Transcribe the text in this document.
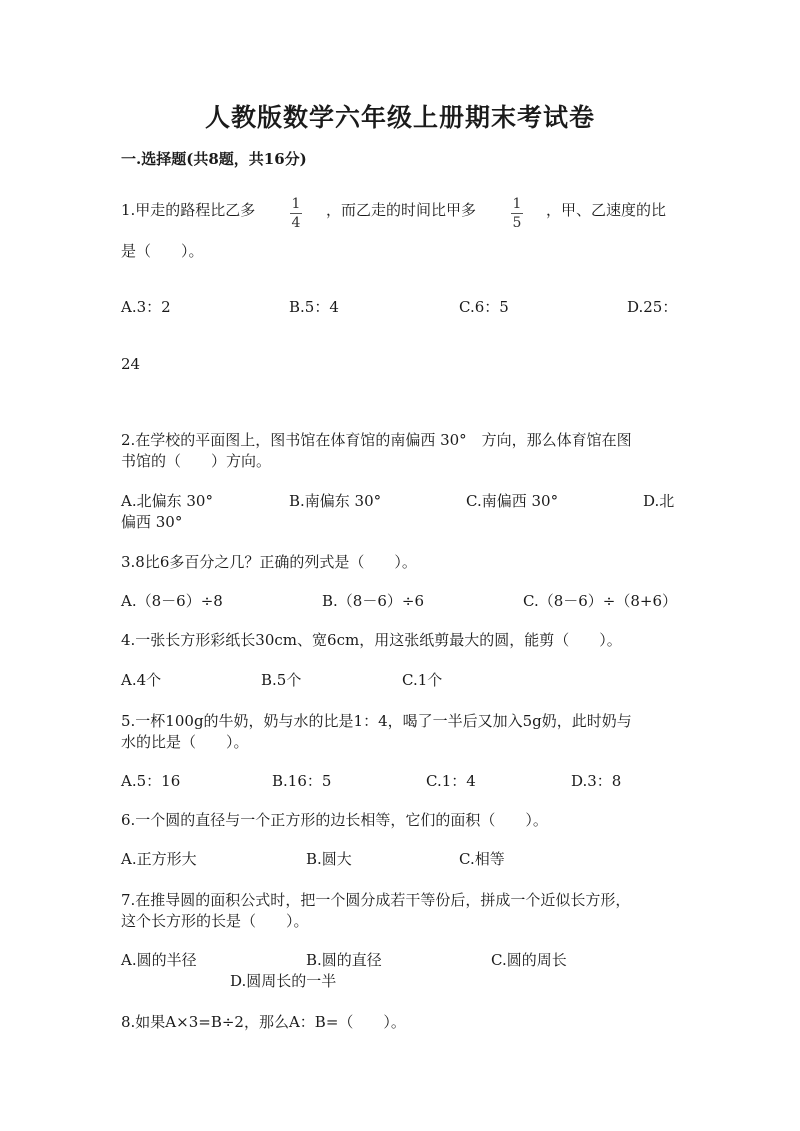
人教版数学六年级上册期末考试卷
一.选择题(共8题，共16分)
1.甲走的路程比乙多	1
4
，而乙走的时间比甲多	1
5
，甲、乙速度的比
是（　　）。
A.3：2	B.5：4	C.6：5	D.25：
24
2.在学校的平面图上，图书馆在体育馆的南偏西 30°　方向，那么体育馆在图
书馆的（　　）方向。
A.北偏东 30°	B.南偏东 30°	C.南偏西 30°	D.北
偏西 30°
3.8比6多百分之几？正确的列式是（　　）。
A.（8－6）÷8	B.（8－6）÷6	C.（8－6）÷（8+6）
4.一张长方形彩纸长30cm、宽6cm，用这张纸剪最大的圆，能剪（　　）。
A.4个	B.5个	C.1个
5.一杯100g的牛奶，奶与水的比是1：4，喝了一半后又加入5g奶，此时奶与
水的比是（　　）。
A.5：16	B.16：5	C.1：4	D.3：8
6.一个圆的直径与一个正方形的边长相等，它们的面积（　　）。
A.正方形大	B.圆大	C.相等
7.在推导圆的面积公式时，把一个圆分成若干等份后，拼成一个近似长方形，
这个长方形的长是（　　）。
A.圆的半径	B.圆的直径	C.圆的周长
D.圆周长的一半
8.如果A×3=B÷2，那么A：B=（　　）。
